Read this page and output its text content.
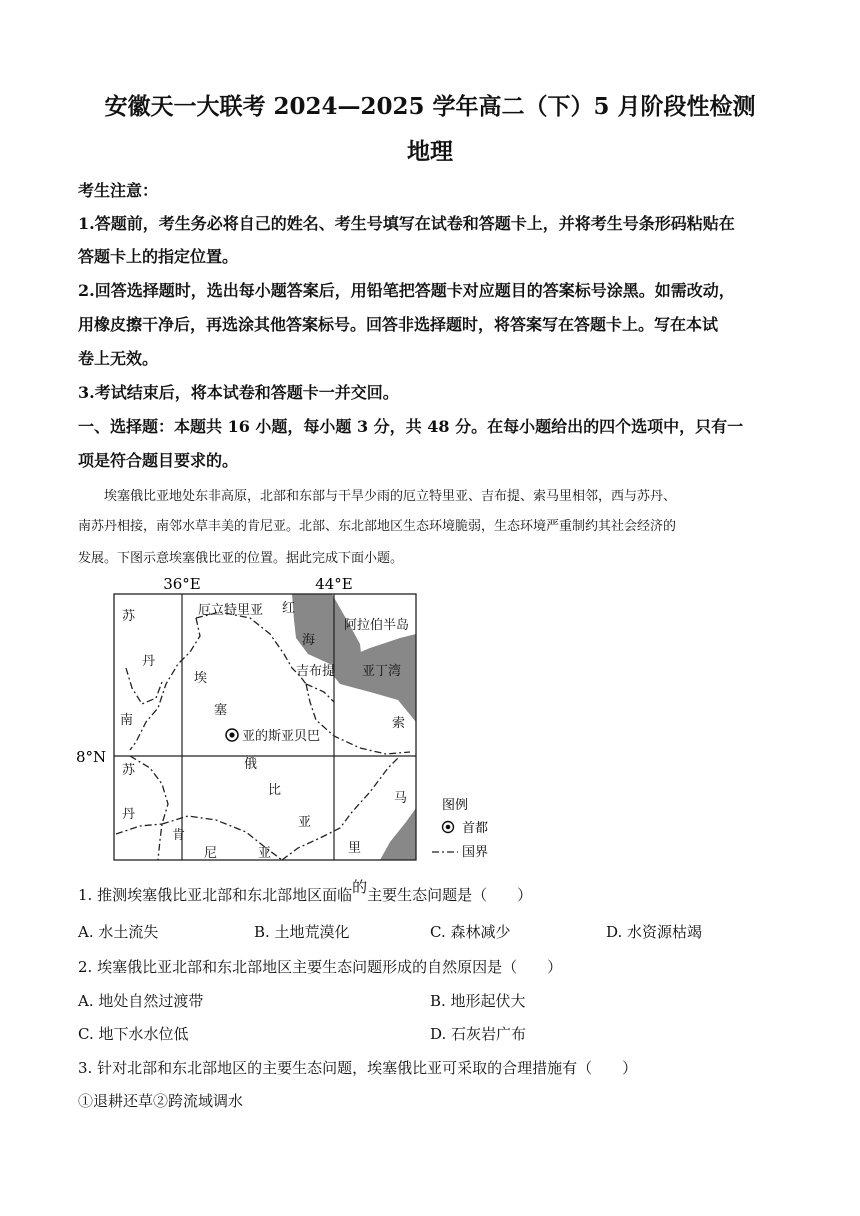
安徽天一大联考 2024—2025 学年高二（下）5 月阶段性检测
地理
考生注意：
1.答题前，考生务必将自己的姓名、考生号填写在试卷和答题卡上，并将考生号条形码粘贴在
答题卡上的指定位置。
2.回答选择题时，选出每小题答案后，用铅笔把答题卡对应题目的答案标号涂黑。如需改动，
用橡皮擦干净后，再选涂其他答案标号。回答非选择题时，将答案写在答题卡上。写在本试
卷上无效。
3.考试结束后，将本试卷和答题卡一并交回。
一、选择题：本题共 16 小题，每小题 3 分，共 48 分。在每小题给出的四个选项中，只有一
项是符合题目要求的。
埃塞俄比亚地处东非高原，北部和东部与干旱少雨的厄立特里亚、吉布提、索马里相邻，西与苏丹、
南苏丹相接，南邻水草丰美的肯尼亚。北部、东北部地区生态环境脆弱，生态环境严重制约其社会经济的
发展。下图示意埃塞俄比亚的位置。据此完成下面小题。
36°E	44°E
8°N
苏
丹
南
苏
丹
厄立特里亚 红
海
阿拉伯半岛
吉布提 亚丁湾
埃
塞
亚的斯亚贝巴
俄
比
亚
索
马
里
肯
尼	亚
图例
首都
国界
1. 推测埃塞俄比亚北部和东北部地区面临的主要生态问题是（　　）
A. 水土流失	B. 土地荒漠化	C. 森林减少	D. 水资源枯竭
2. 埃塞俄比亚北部和东北部地区主要生态问题形成的自然原因是（　　）
A. 地处自然过渡带	B. 地形起伏大
C. 地下水水位低	D. 石灰岩广布
3. 针对北部和东北部地区的主要生态问题，埃塞俄比亚可采取的合理措施有（　　）
①退耕还草②跨流域调水
